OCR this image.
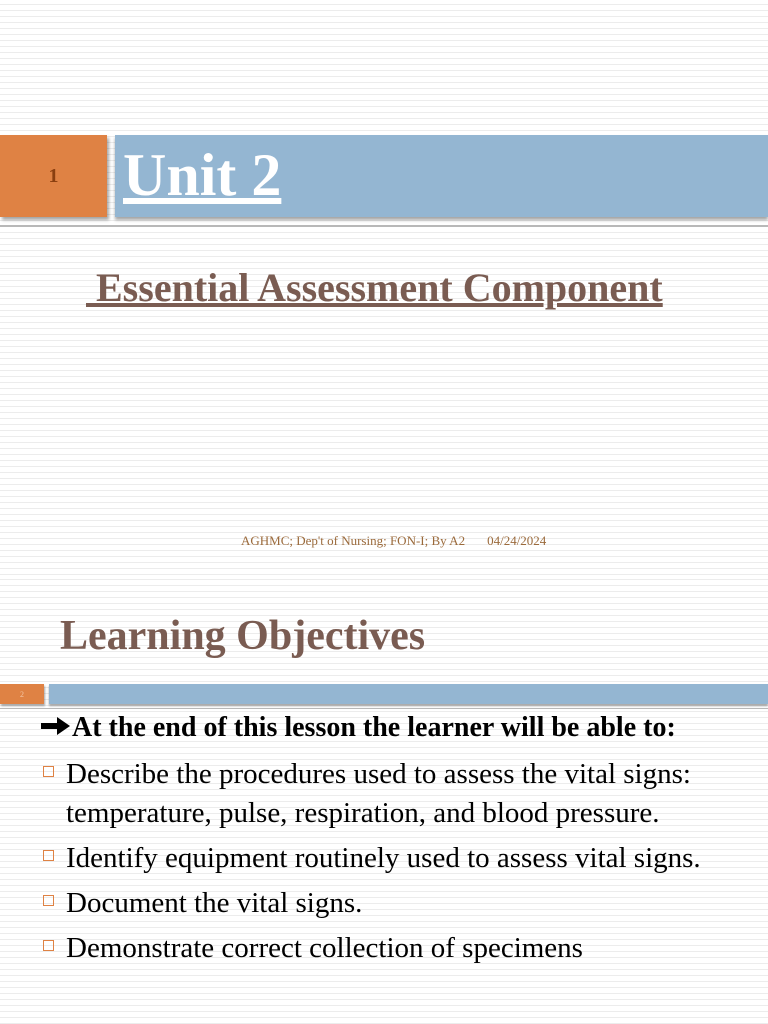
1 Unit 2
Essential Assessment Component
AGHMC; Dep't of Nursing; FON-I; By A2 04/24/2024
Learning Objectives
2
At the end of this lesson the learner will be able to:
Describe the procedures used to assess the vital signs: temperature, pulse, respiration, and blood pressure.
Identify equipment routinely used to assess vital signs.
Document the vital signs.
Demonstrate correct collection of specimens
